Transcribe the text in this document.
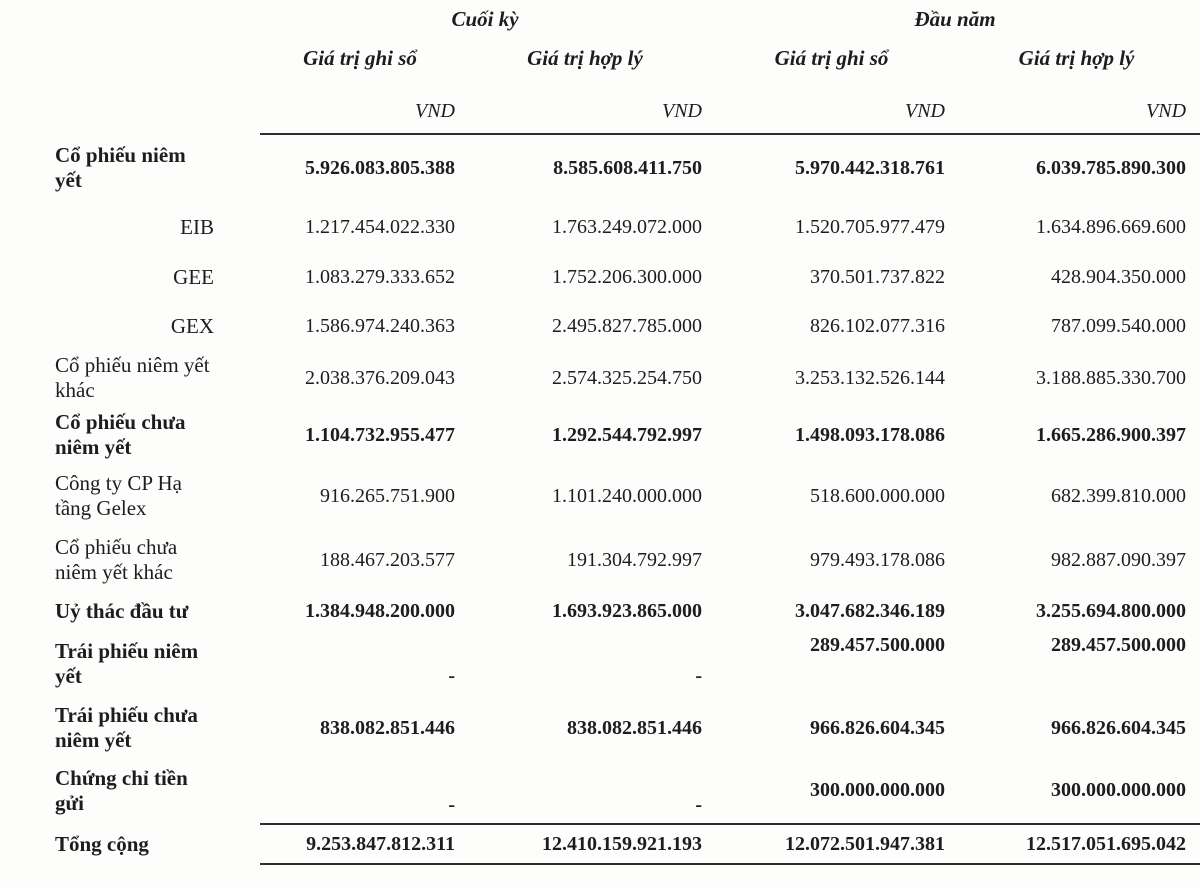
	Cuối kỳ		Đầu năm	
	Giá trị ghi sổ	Giá trị hợp lý	Giá trị ghi sổ	Giá trị hợp lý
	VND	VND	VND	VND
Cổ phiếu niêm yết	5.926.083.805.388	8.585.608.411.750	5.970.442.318.761	6.039.785.890.300
EIB	1.217.454.022.330	1.763.249.072.000	1.520.705.977.479	1.634.896.669.600
GEE	1.083.279.333.652	1.752.206.300.000	370.501.737.822	428.904.350.000
GEX	1.586.974.240.363	2.495.827.785.000	826.102.077.316	787.099.540.000
Cổ phiếu niêm yết khác	2.038.376.209.043	2.574.325.254.750	3.253.132.526.144	3.188.885.330.700
Cổ phiếu chưa niêm yết	1.104.732.955.477	1.292.544.792.997	1.498.093.178.086	1.665.286.900.397
Công ty CP Hạ tầng Gelex	916.265.751.900	1.101.240.000.000	518.600.000.000	682.399.810.000
Cổ phiếu chưa niêm yết khác	188.467.203.577	191.304.792.997	979.493.178.086	982.887.090.397
Uỷ thác đầu tư	1.384.948.200.000	1.693.923.865.000	3.047.682.346.189	3.255.694.800.000
Trái phiếu niêm yết	-	-	289.457.500.000	289.457.500.000
Trái phiếu chưa niêm yết	838.082.851.446	838.082.851.446	966.826.604.345	966.826.604.345
Chứng chỉ tiền gửi	-	-	300.000.000.000	300.000.000.000
Tổng cộng	9.253.847.812.311	12.410.159.921.193	12.072.501.947.381	12.517.051.695.042
